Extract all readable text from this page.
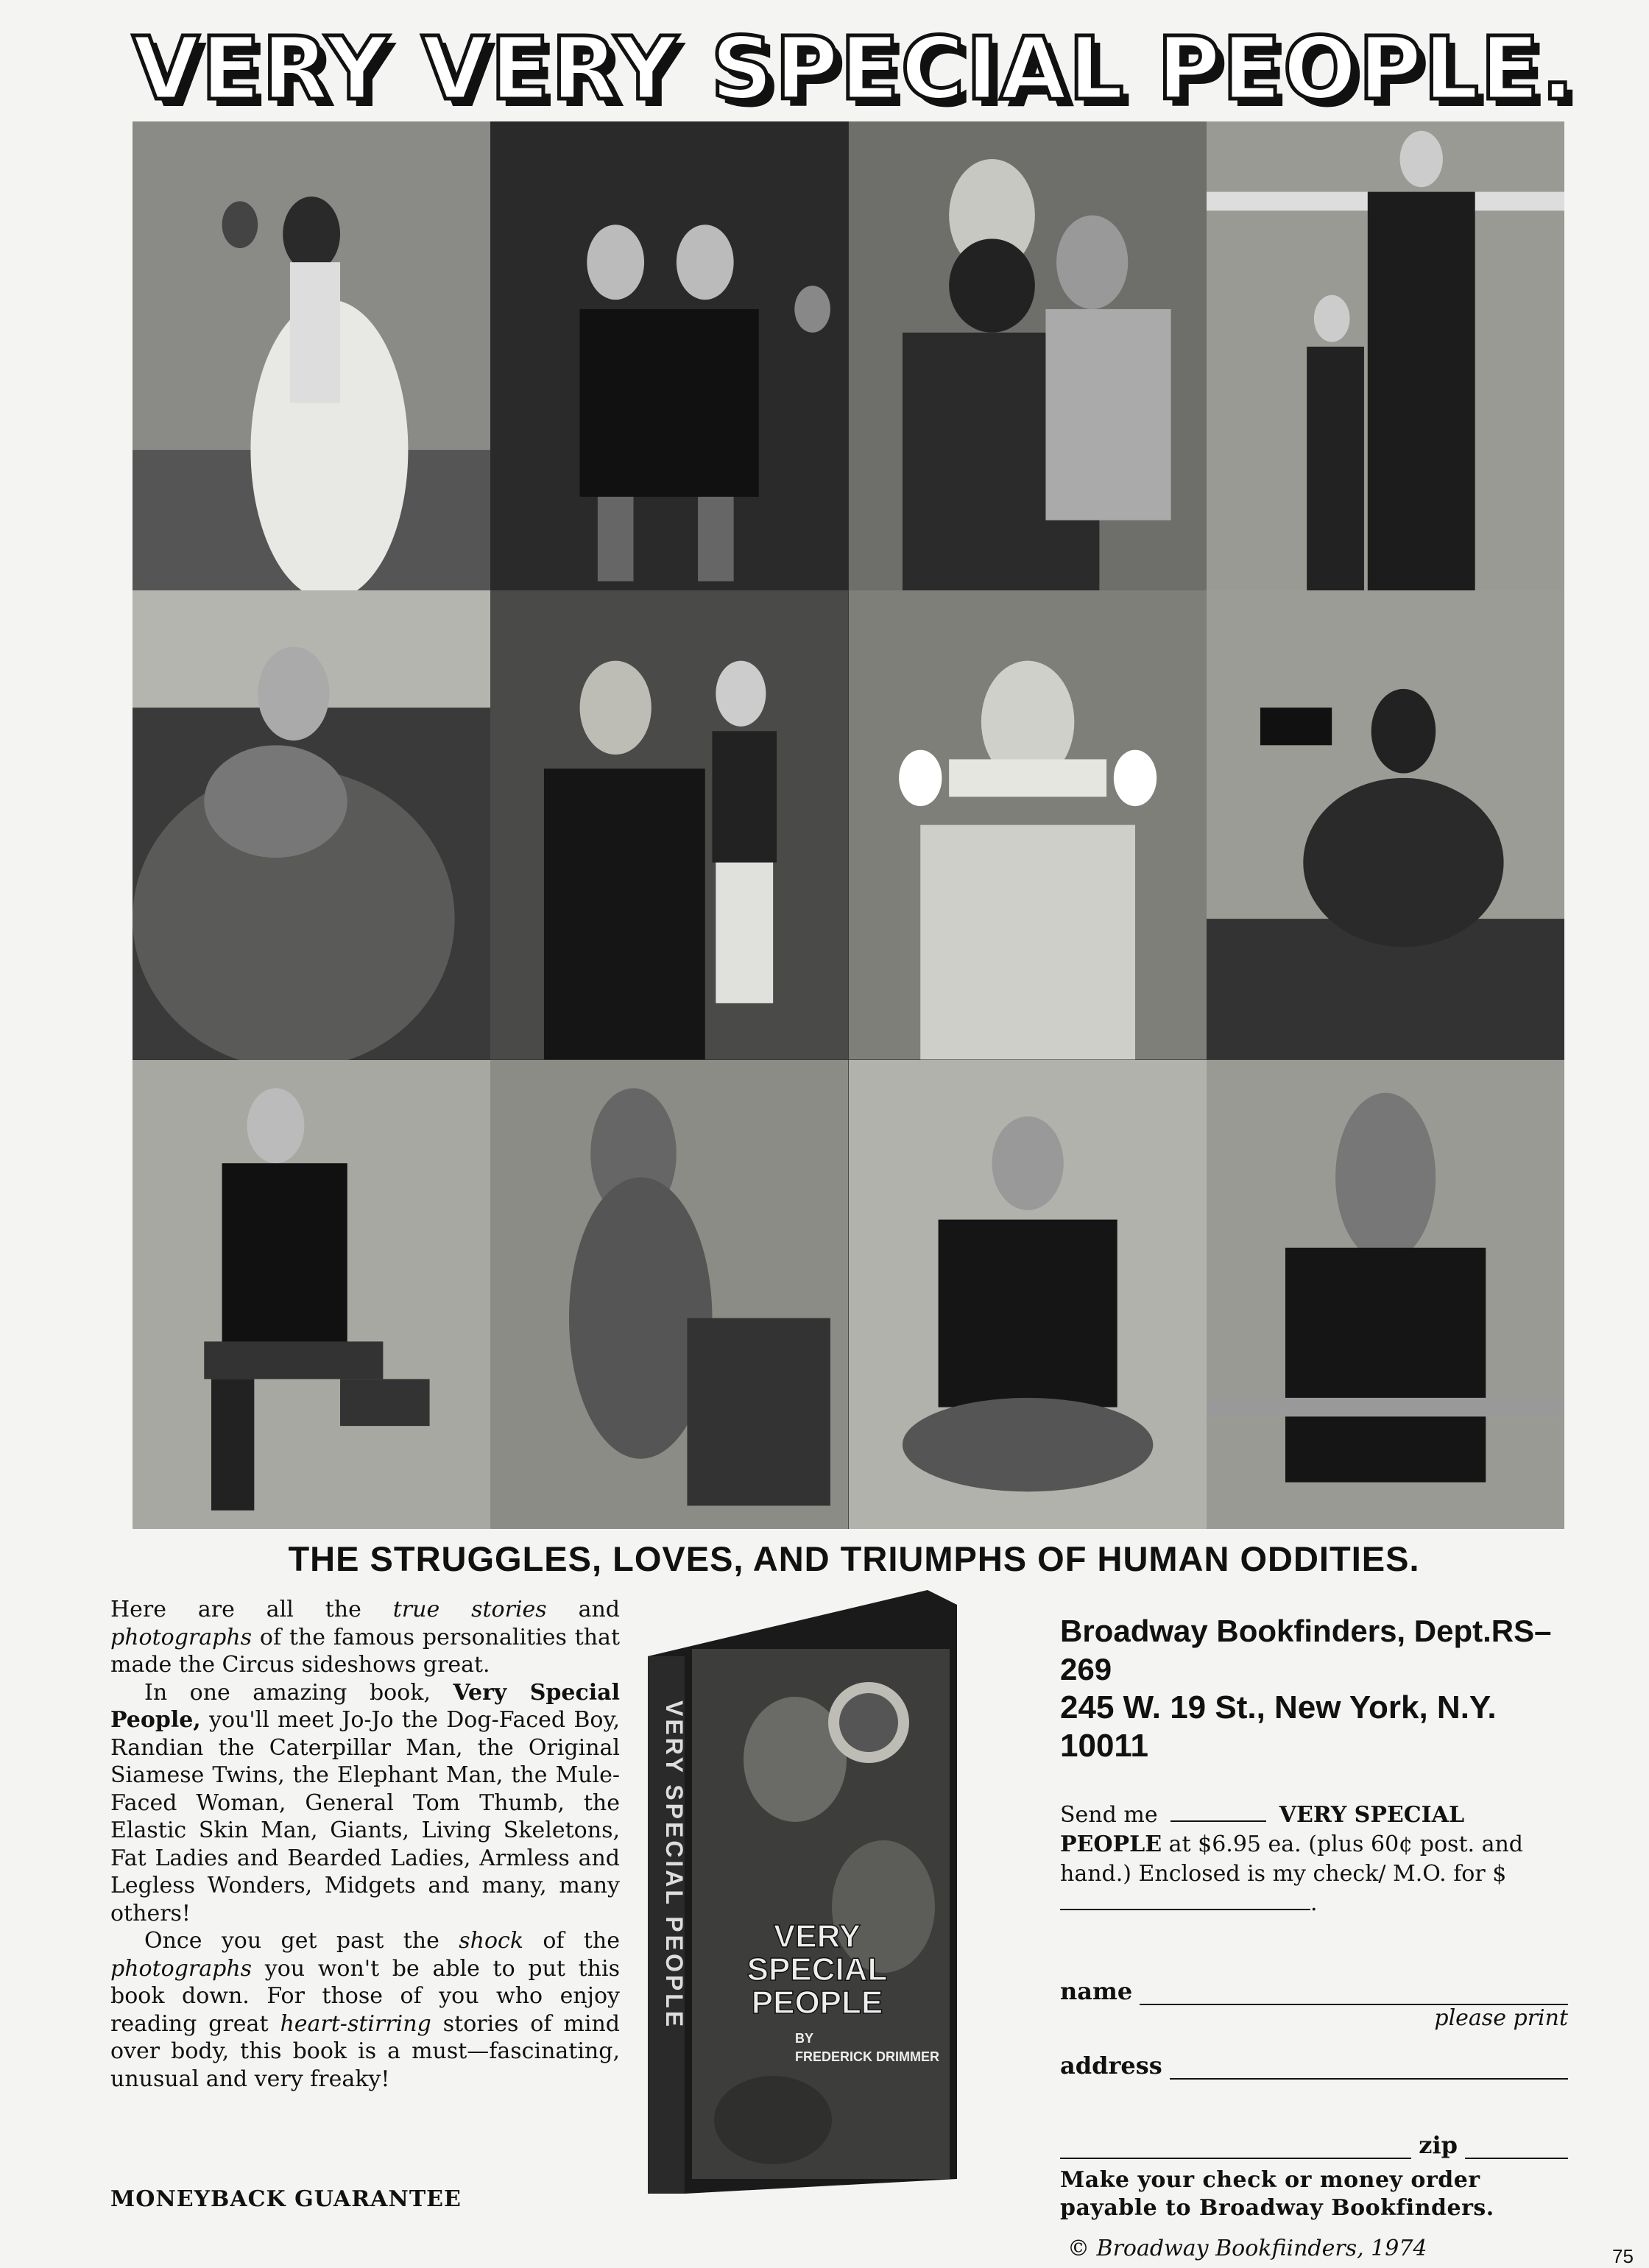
VERY VERY SPECIAL PEOPLE.
THE STRUGGLES, LOVES, AND TRIUMPHS OF HUMAN ODDITIES.

Here are all the true stories and photographs of the famous personalities that made the Circus sideshows great.

In one amazing book, Very Special People, you'll meet Jo-Jo the Dog-Faced Boy, Randian the Caterpillar Man, the Original Siamese Twins, the Elephant Man, the Mule-Faced Woman, General Tom Thumb, the Elastic Skin Man, Giants, Living Skeletons, Fat Ladies and Bearded Ladies, Armless and Legless Wonders, Midgets and many, many others!

Once you get past the shock of the photographs you won't be able to put this book down. For those of you who enjoy reading great heart-stirring stories of mind over body, this book is a must—fascinating, unusual and very freaky!

MONEYBACK GUARANTEE
VERY SPECIAL PEOPLE	VERY
SPECIAL
PEOPLE
BY
FREDERICK DRIMMER
Broadway Bookfinders, Dept.RS–269
245 W. 19 St., New York, N.Y. 10011
Send me	VERY SPECIAL PEOPLE at $6.95 ea. (plus 60¢ post. and hand.) Enclosed is my check/ M.O. for $.
name
please print
address
zip
Make your check or money order payable to Broadway Bookfinders.
© Broadway Bookfiinders, 1974	75
